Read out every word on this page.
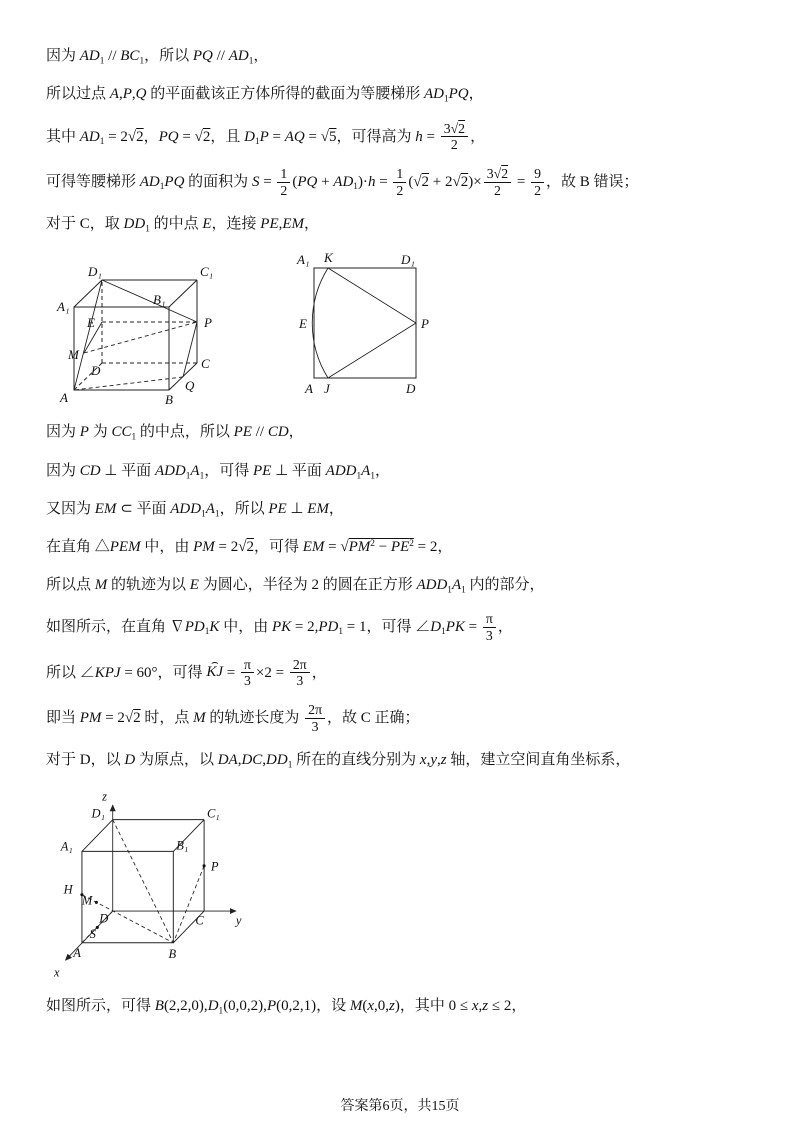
因为 $AD_1 // BC_1$，所以 PQ // $AD_1$，

所以过点 A,P,Q 的平面截该正方体所得的截面为等腰梯形 $AD_1PQ$，

其中 $AD_1 = 2√2$，PQ = √2，且 $D_1P$ = AQ = √5，可得高为 $h = \frac{3√2}{2}$ ，

可得等腰梯形 $AD_1PQ$ 的面积为 $S = \frac{1}{2} (PQ + AD_1)\cdot h = \frac{1}{2} (√2 + 2√2)\times \frac{3√2}{2} = \frac{9}{2}$ ，故 B 错误；

对于 C，取 $DD_1$ 的中点 E，连接 PE,EM，

D₁	C₁
A₁	B₁
E	P
M
D	C
Q
A	B
A₁ K	D₁
E	P
A J	D

因为 P 为 $CC_1$ 的中点，所以 PE // CD，

因为 CD ⊥ 平面 $ADD_1A_1$，可得 PE ⊥ 平面 $ADD_1A_1$，

又因为 EM ⊂ 平面 $ADD_1A_1$，所以 PE ⊥ EM，

在直角 △PEM 中，由 PM = 2√2，可得 EM = $√PM^2 - PE^2 = 2$，

所以点 M 的轨迹为以 E 为圆心，半径为 2 的圆在正方形 $ADD_1A_1$ 内的部分，

如图所示，在直角 $\nabla PD_1K$ 中，由 PK = $2,PD_1 = 1$，可得 $\angle D_1PK = \frac{\pi}{3}$ ，

所以 ∠KPJ = 60°，可得 ⌢ KJ = $\frac{\pi}{3} \times 2 = \frac{2\pi}{3}$ ，

即当 PM = 2√2 时，点 M 的轨迹长度为 $\frac{2\pi}{3}$ ，故 C 正确；

对于 D，以 D 为原点，以 $DA,DC,DD_1$ 所在的直线分别为 x,y,z 轴，建立空间直角坐标系，

z
D₁	C₁
A₁	B₁
P
H
M
D	C y
S
A	B
x

如图所示，可得 $B(2,2,0),D_1(0,0,2),P(0,2,1)$，设 M(x,0,z)，其中 0 ≤ x,z ≤ 2，

答案第6页，共15页
